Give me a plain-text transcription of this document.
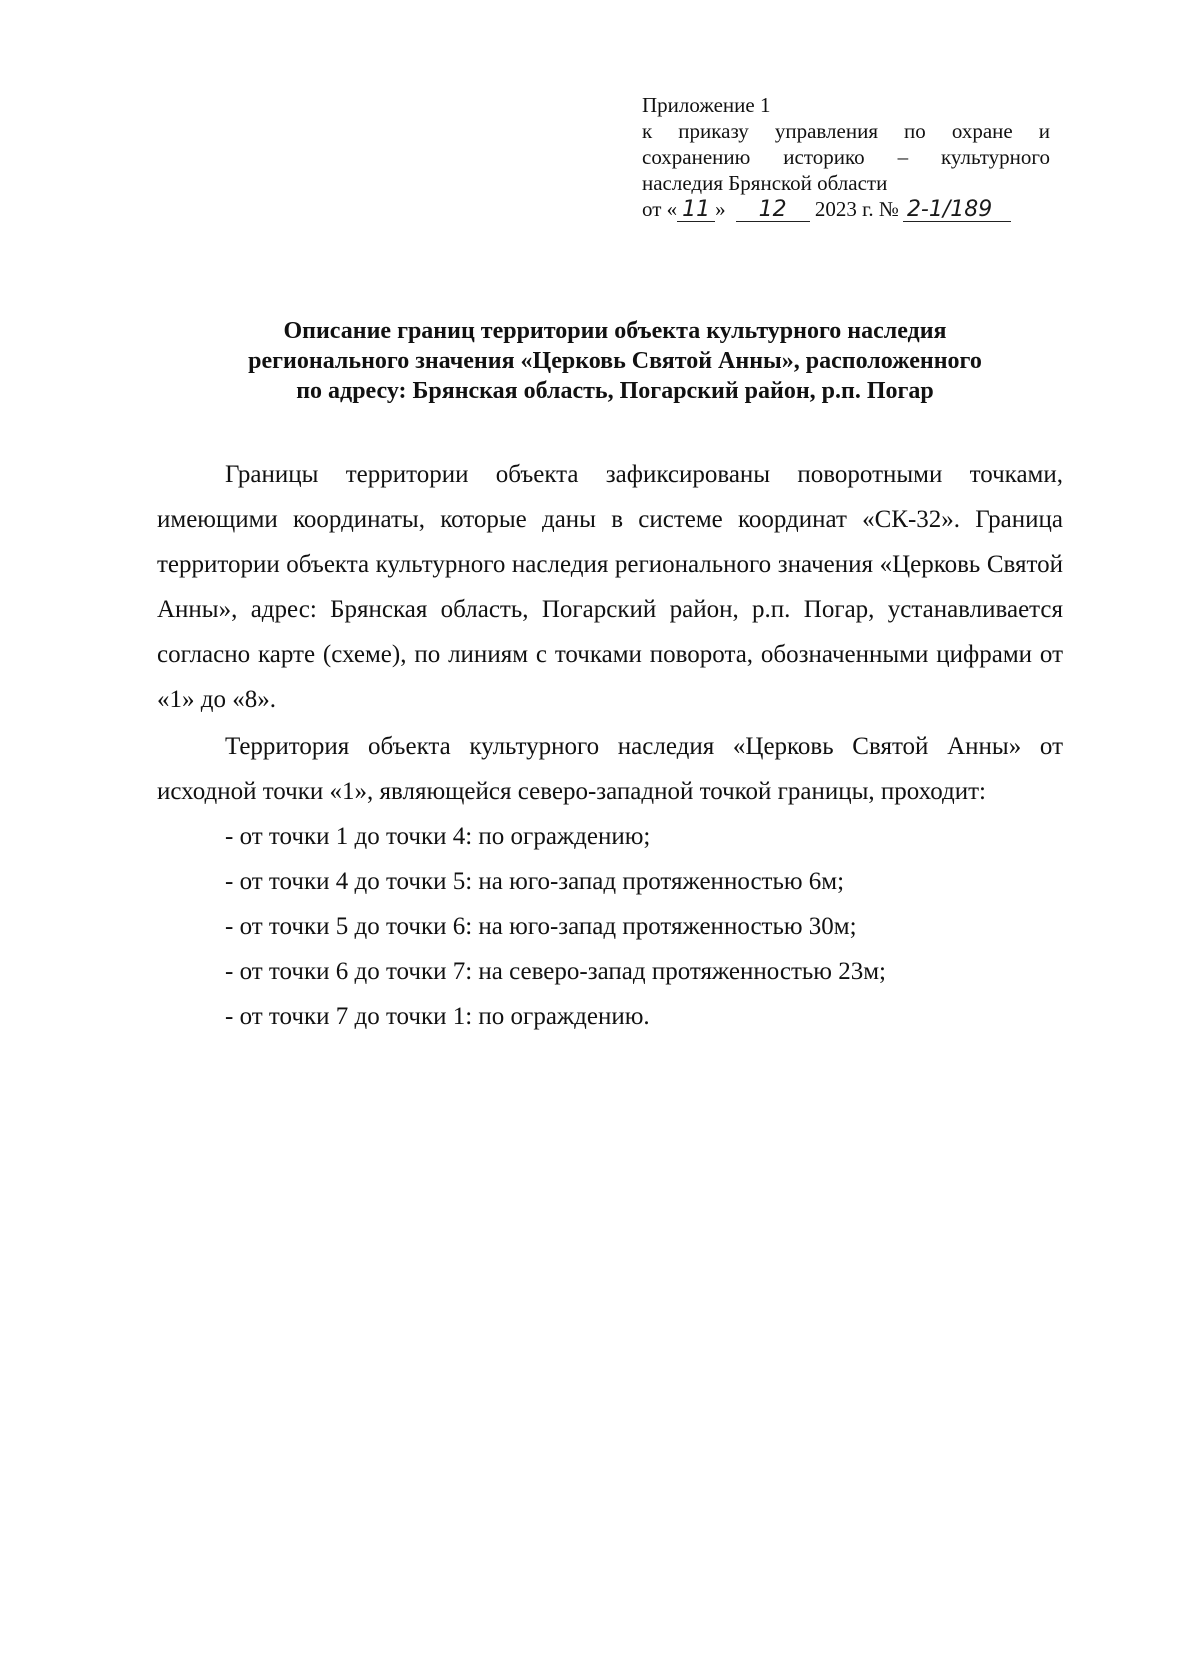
Приложение 1
к приказу управления по охране и
сохранению историко – культурного
наследия Брянской области
от « 11 » 12 2023 г. № 2-1/189
Описание границ территории объекта культурного наследия
регионального значения «Церковь Святой Анны», расположенного
по адресу: Брянская область, Погарский район, р.п. Погар

Границы территории объекта зафиксированы поворотными точками, имеющими координаты, которые даны в системе координат «СК-32». Граница территории объекта культурного наследия регионального значения «Церковь Святой Анны», адрес: Брянская область, Погарский район, р.п. Погар, устанавливается согласно карте (схеме), по линиям с точками поворота, обозначенными цифрами от «1» до «8».

Территория объекта культурного наследия «Церковь Святой Анны» от исходной точки «1», являющейся северо-западной точкой границы, проходит:

- от точки 1 до точки 4: по ограждению;
- от точки 4 до точки 5: на юго-запад протяженностью 6м;
- от точки 5 до точки 6: на юго-запад протяженностью 30м;
- от точки 6 до точки 7: на северо-запад протяженностью 23м;
- от точки 7 до точки 1: по ограждению.
